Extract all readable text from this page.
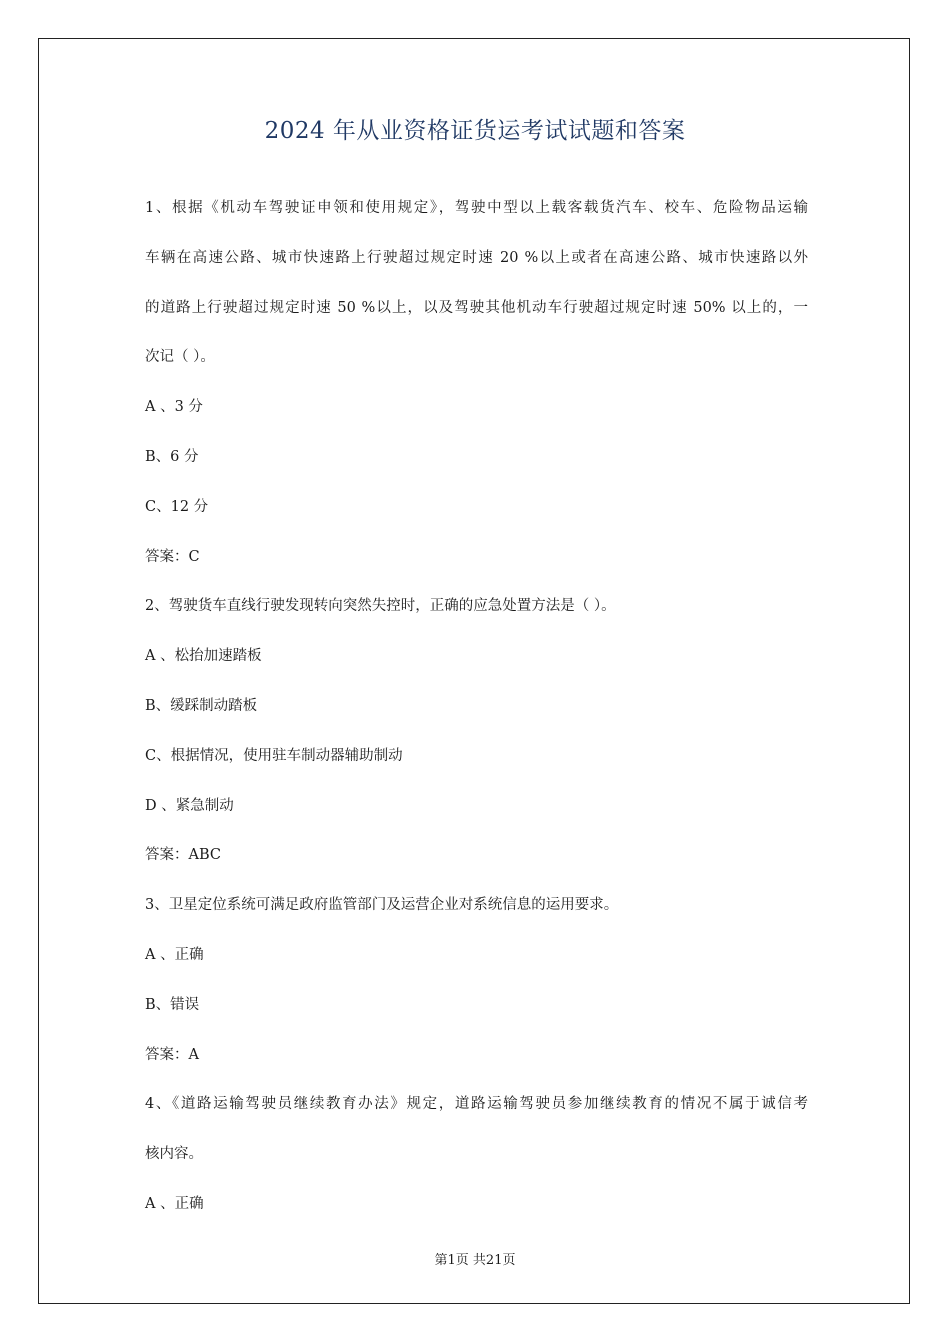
2024 年从业资格证货运考试试题和答案
1、根据《机动车驾驶证申领和使用规定》，驾驶中型以上载客载货汽车、校车、危险物品运输
车辆在高速公路、城市快速路上行驶超过规定时速 20 %以上或者在高速公路、城市快速路以外
的道路上行驶超过规定时速 50 %以上，以及驾驶其他机动车行驶超过规定时速 50% 以上的，一
次记（ ）。
A 、3 分
B、6 分
C、12 分
答案：C
2、驾驶货车直线行驶发现转向突然失控时，正确的应急处置方法是（ ）。
A 、松抬加速踏板
B、缓踩制动踏板
C、根据情况，使用驻车制动器辅助制动
D 、紧急制动
答案：ABC
3、卫星定位系统可满足政府监管部门及运营企业对系统信息的运用要求。
A 、正确
B、错误
答案：A
4、《道路运输驾驶员继续教育办法》规定，道路运输驾驶员参加继续教育的情况不属于诚信考
核内容。
A 、正确
第1页 共21页
